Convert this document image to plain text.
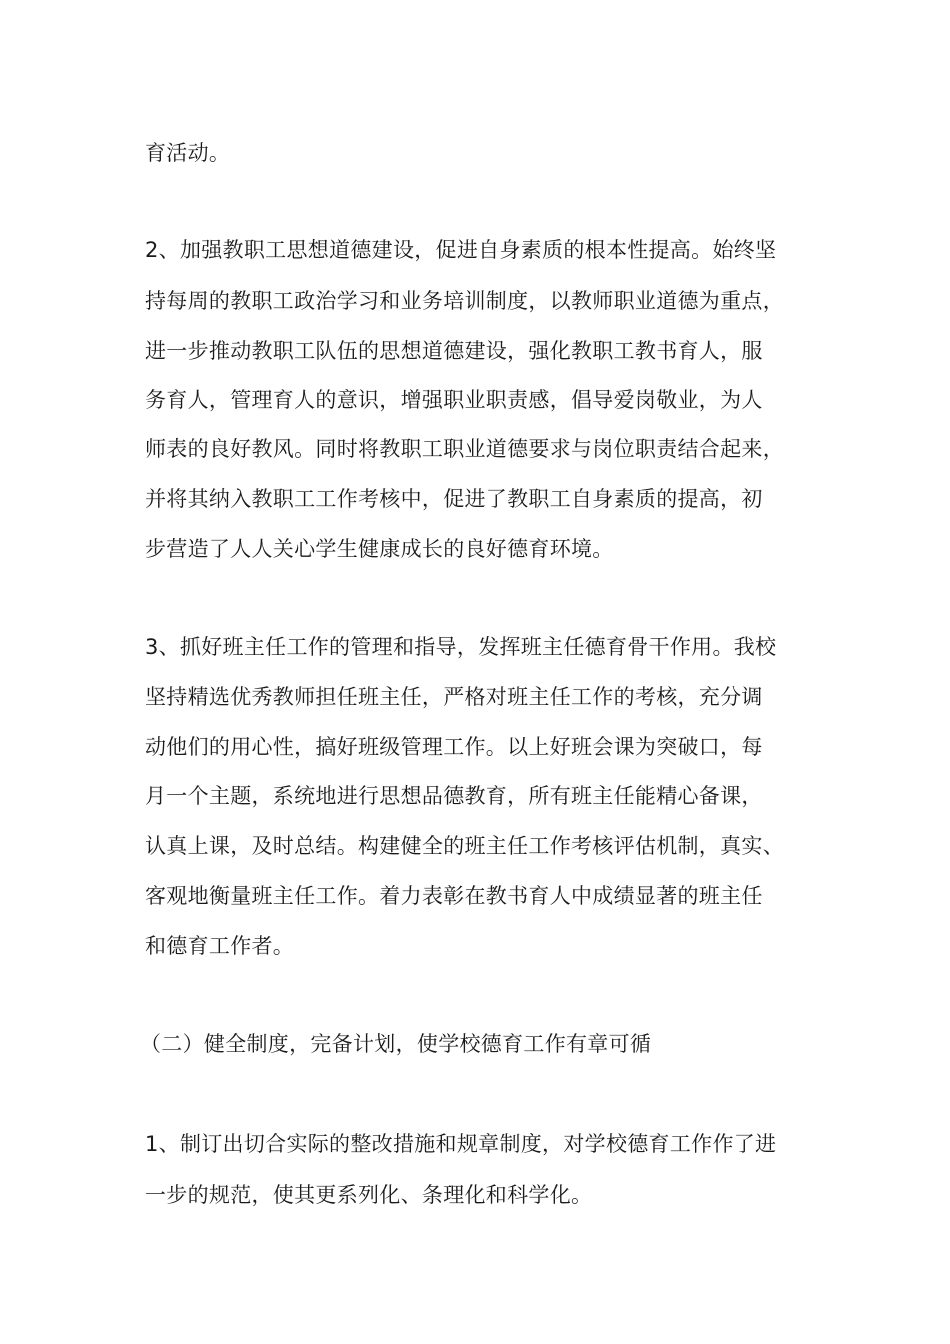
育活动。
2、加强教职工思想道德建设，促进自身素质的根本性提高。始终坚
持每周的教职工政治学习和业务培训制度，以教师职业道德为重点，
进一步推动教职工队伍的思想道德建设，强化教职工教书育人，服
务育人，管理育人的意识，增强职业职责感，倡导爱岗敬业，为人
师表的良好教风。同时将教职工职业道德要求与岗位职责结合起来，
并将其纳入教职工工作考核中，促进了教职工自身素质的提高，初
步营造了人人关心学生健康成长的良好德育环境。
3、抓好班主任工作的管理和指导，发挥班主任德育骨干作用。我校
坚持精选优秀教师担任班主任，严格对班主任工作的考核，充分调
动他们的用心性，搞好班级管理工作。以上好班会课为突破口，每
月一个主题，系统地进行思想品德教育，所有班主任能精心备课，
认真上课，及时总结。构建健全的班主任工作考核评估机制，真实、
客观地衡量班主任工作。着力表彰在教书育人中成绩显著的班主任
和德育工作者。
（二）健全制度，完备计划，使学校德育工作有章可循
1、制订出切合实际的整改措施和规章制度，对学校德育工作作了进
一步的规范，使其更系列化、条理化和科学化。
